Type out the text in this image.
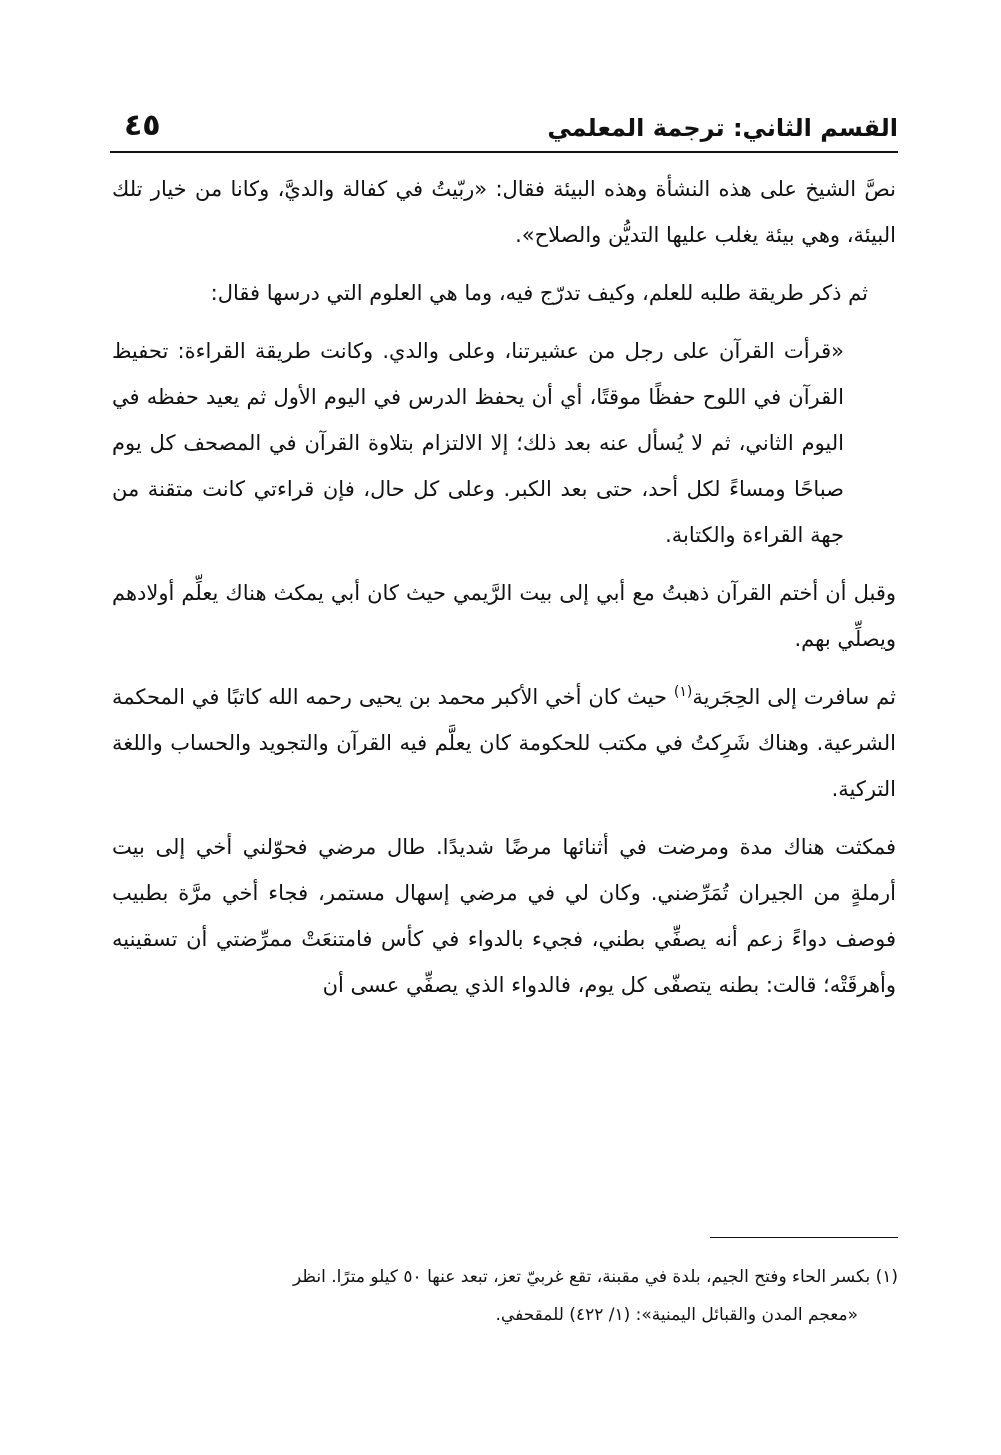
القسم الثاني: ترجمة المعلمي
٤٥

نصَّ الشيخ على هذه النشأة وهذه البيئة فقال: «ربّيتُ في كفالة والديَّ، وكانا من خيار تلك البيئة، وهي بيئة يغلب عليها التديُّن والصلاح».

ثم ذكر طريقة طلبه للعلم، وكيف تدرّج فيه، وما هي العلوم التي درسها فقال:

«قرأت القرآن على رجل من عشيرتنا، وعلى والدي. وكانت طريقة القراءة: تحفيظ القرآن في اللوح حفظًا موقتًا، أي أن يحفظ الدرس في اليوم الأول ثم يعيد حفظه في اليوم الثاني، ثم لا يُسأل عنه بعد ذلك؛ إلا الالتزام بتلاوة القرآن في المصحف كل يوم صباحًا ومساءً لكل أحد، حتى بعد الكبر. وعلى كل حال، فإن قراءتي كانت متقنة من جهة القراءة والكتابة.

وقبل أن أختم القرآن ذهبتُ مع أبي إلى بيت الرَّيمي حيث كان أبي يمكث هناك يعلِّم أولادهم ويصلِّي بهم.

ثم سافرت إلى الحِجَرية$^{(١)}$ حيث كان أخي الأكبر محمد بن يحيى رحمه الله كاتبًا في المحكمة الشرعية. وهناك شَرِكتُ في مكتب للحكومة كان يعلَّم فيه القرآن والتجويد والحساب واللغة التركية.

فمكثت هناك مدة ومرضت في أثنائها مرضًا شديدًا. طال مرضي فحوّلني أخي إلى بيت أرملةٍ من الجيران تُمَرِّضني. وكان لي في مرضي إسهال مستمر، فجاء أخي مرَّة بطبيب فوصف دواءً زعم أنه يصفِّي بطني، فجيء بالدواء في كأس فامتنعَتْ ممرِّضتي أن تسقينيه وأهرقَتْه؛ قالت: بطنه يتصفّى كل يوم، فالدواء الذي يصفِّي عسى أن

(١) بكسر الحاء وفتح الجيم، بلدة في مقبنة، تقع غربيّ تعز، تبعد عنها ٥٠ كيلو مترًا. انظر

«معجم المدن والقبائل اليمنية»: (١/ ٤٢٢) للمقحفي.
